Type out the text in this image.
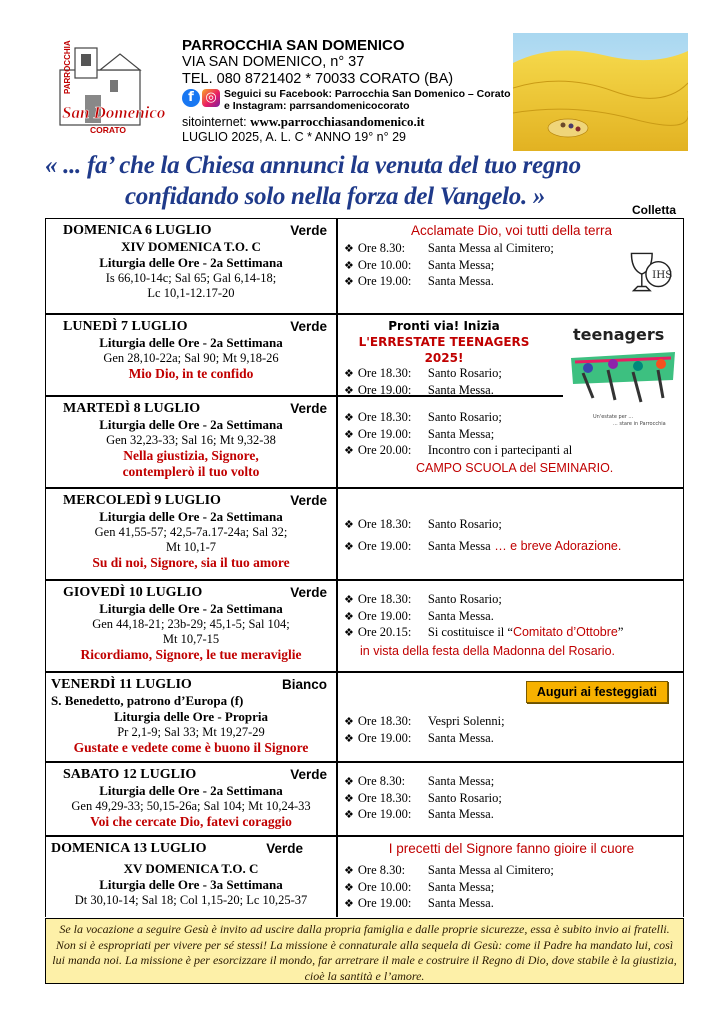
PARROCCHIA
San Domenico
CORATO
PARROCCHIA SAN DOMENICO
VIA SAN DOMENICO, n° 37
TEL. 080 8721402 * 70033 CORATO (BA)
f ◎ Seguici su Facebook: Parrocchia San Domenico – Corato
e Instagram: parrsandomenicocorato
sitointernet: www.parrocchiasandomenico.it
LUGLIO 2025, A. L. C * ANNO 19° n° 29
« ... fa’ che la Chiesa annunci la venuta del tuo regno
confidando solo nella forza del Vangelo. »	Colletta
DOMENICA 6 LUGLIO	Verde
XIV DOMENICA T.O. C
Liturgia delle Ore - 2a Settimana
Is 66,10-14c; Sal 65; Gal 6,14-18;
Lc 10,1-12.17-20
Acclamate Dio, voi tutti della terra
❖ Ore 8.30: Santa Messa al Cimitero;
❖ Ore 10.00: Santa Messa;
❖ Ore 19.00: Santa Messa.	IHS
LUNEDÌ 7 LUGLIO	Verde
Liturgia delle Ore - 2a Settimana
Gen 28,10-22a; Sal 90; Mt 9,18-26
Mio Dio, in te confido
Pronti via! Inizia
L'ERRESTATE TEENAGERS 2025!
❖ Ore 18.30: Santo Rosario;
❖ Ore 19.00: Santa Messa.
teenagers
Un'estate per ...
... stare in Parrocchia
MARTEDÌ 8 LUGLIO	Verde
Liturgia delle Ore - 2a Settimana
Gen 32,23-33; Sal 16; Mt 9,32-38
Nella giustizia, Signore,
contemplerò il tuo volto
❖ Ore 18.30: Santo Rosario;
❖ Ore 19.00: Santa Messa;
❖ Ore 20.00: Incontro con i partecipanti al
CAMPO SCUOLA del SEMINARIO.
MERCOLEDÌ 9 LUGLIO	Verde
Liturgia delle Ore - 2a Settimana
Gen 41,55-57; 42,5-7a.17-24a; Sal 32;
Mt 10,1-7
Su di noi, Signore, sia il tuo amore
❖ Ore 18.30: Santo Rosario;
❖ Ore 19.00: Santa Messa … e breve Adorazione.
GIOVEDÌ 10 LUGLIO	Verde
Liturgia delle Ore - 2a Settimana
Gen 44,18-21; 23b-29; 45,1-5; Sal 104;
Mt 10,7-15
Ricordiamo, Signore, le tue meraviglie
❖ Ore 18.30: Santo Rosario;
❖ Ore 19.00: Santa Messa.
❖ Ore 20.15: Si costituisce il “Comitato d’Ottobre”
in vista della festa della Madonna del Rosario.
VENERDÌ 11 LUGLIO	Bianco
S. Benedetto, patrono d’Europa (f)
Liturgia delle Ore - Propria
Pr 2,1-9; Sal 33; Mt 19,27-29
Gustate e vedete come è buono il Signore
Auguri ai festeggiati
❖ Ore 18.30: Vespri Solenni;
❖ Ore 19.00: Santa Messa.
SABATO 12 LUGLIO	Verde
Liturgia delle Ore - 2a Settimana
Gen 49,29-33; 50,15-26a; Sal 104; Mt 10,24-33
Voi che cercate Dio, fatevi coraggio
❖ Ore 8.30: Santa Messa;
❖ Ore 18.30: Santo Rosario;
❖ Ore 19.00: Santa Messa.
DOMENICA 13 LUGLIO	Verde
XV DOMENICA T.O. C
Liturgia delle Ore - 3a Settimana
Dt 30,10-14; Sal 18; Col 1,15-20; Lc 10,25-37
I precetti del Signore fanno gioire il cuore
❖ Ore 8.30: Santa Messa al Cimitero;
❖ Ore 10.00: Santa Messa;
❖ Ore 19.00: Santa Messa.
Se la vocazione a seguire Gesù è invito ad uscire dalla propria famiglia e dalle proprie sicurezze, essa è subito invio ai fratelli. Non si è espropriati per vivere per sé stessi! La missione è connaturale alla sequela di Gesù: come il Padre ha mandato lui, così lui manda noi. La missione è per esorcizzare il mondo, far arretrare il male e costruire il Regno di Dio, dove stabile è la giustizia, cioè la santità e l’amore.
